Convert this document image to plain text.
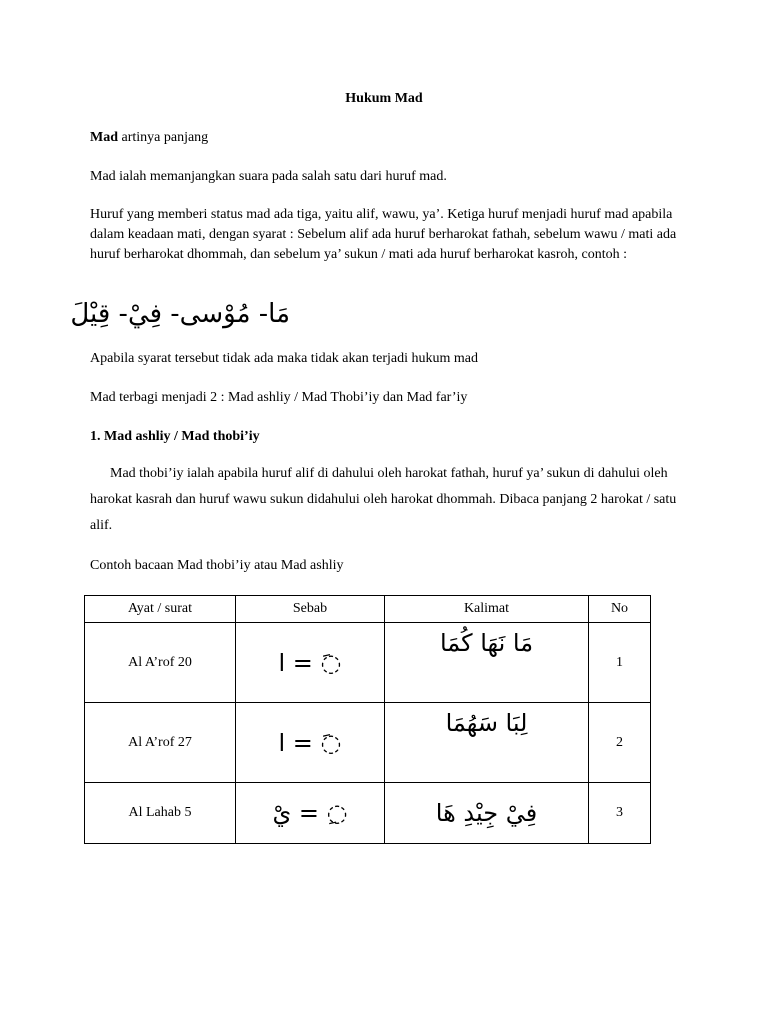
Hukum Mad
Mad artinya panjang
Mad ialah memanjangkan suara pada salah satu dari huruf mad.
Huruf yang memberi status mad ada tiga, yaitu alif, wawu, ya’. Ketiga huruf menjadi huruf mad apabila dalam keadaan mati, dengan syarat : Sebelum alif ada huruf berharokat fathah, sebelum wawu / mati ada huruf berharokat dhommah, dan sebelum ya’ sukun / mati ada huruf berharokat kasroh, contoh :
مَا- مُوْسى- فِيْ- قِيْلَ
Apabila syarat tersebut tidak ada maka tidak akan terjadi hukum mad
Mad terbagi menjadi 2 : Mad ashliy / Mad Thobi’iy dan Mad far’iy
1. Mad ashliy / Mad thobi’iy
Mad thobi’iy ialah apabila huruf alif di dahului oleh harokat fathah, huruf ya’ sukun di dahului oleh harokat kasrah dan huruf wawu sukun didahului oleh harokat dhommah. Dibaca panjang 2 harokat / satu alif.
Contoh bacaan Mad thobi’iy atau Mad ashliy
Ayat / surat	Sebab	Kalimat	No
Al A’rof 20	◌َ = ا	مَا نَهَا كُمَا	1
Al A’rof 27	◌َ = ا	لِبَا سَهُمَا	2
Al Lahab 5	◌ِ = يْ	فِيْ جِيْدِ هَا	3
